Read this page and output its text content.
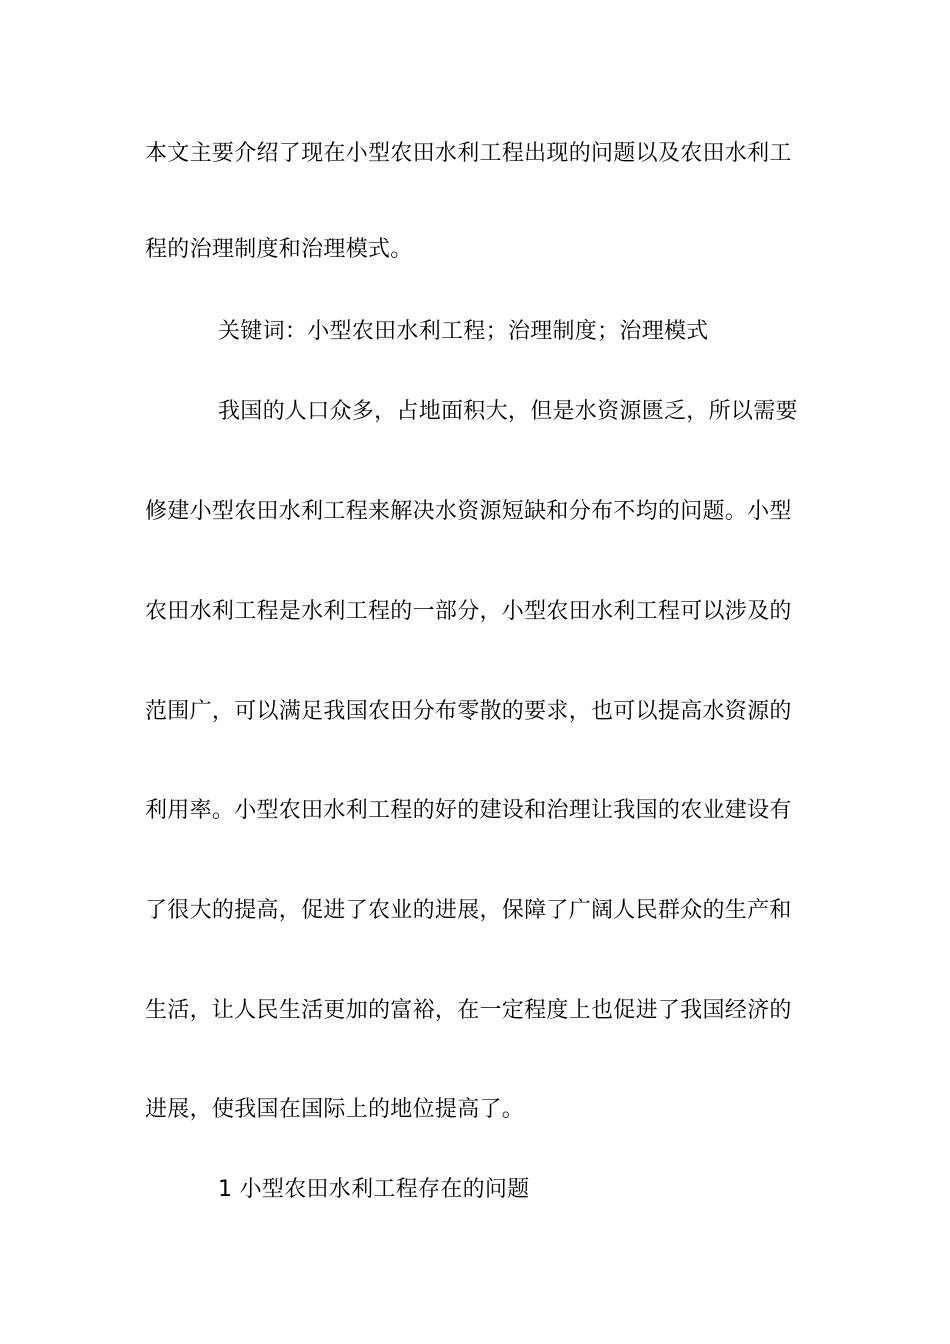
本文主要介绍了现在小型农田水利工程出现的问题以及农田水利工
程的治理制度和治理模式。
关键词：小型农田水利工程；治理制度；治理模式
我国的人口众多，占地面积大，但是水资源匮乏，所以需要
修建小型农田水利工程来解决水资源短缺和分布不均的问题。小型
农田水利工程是水利工程的一部分，小型农田水利工程可以涉及的
范围广，可以满足我国农田分布零散的要求，也可以提高水资源的
利用率。小型农田水利工程的好的建设和治理让我国的农业建设有
了很大的提高，促进了农业的进展，保障了广阔人民群众的生产和
生活，让人民生活更加的富裕，在一定程度上也促进了我国经济的
进展，使我国在国际上的地位提高了。
1 小型农田水利工程存在的问题
